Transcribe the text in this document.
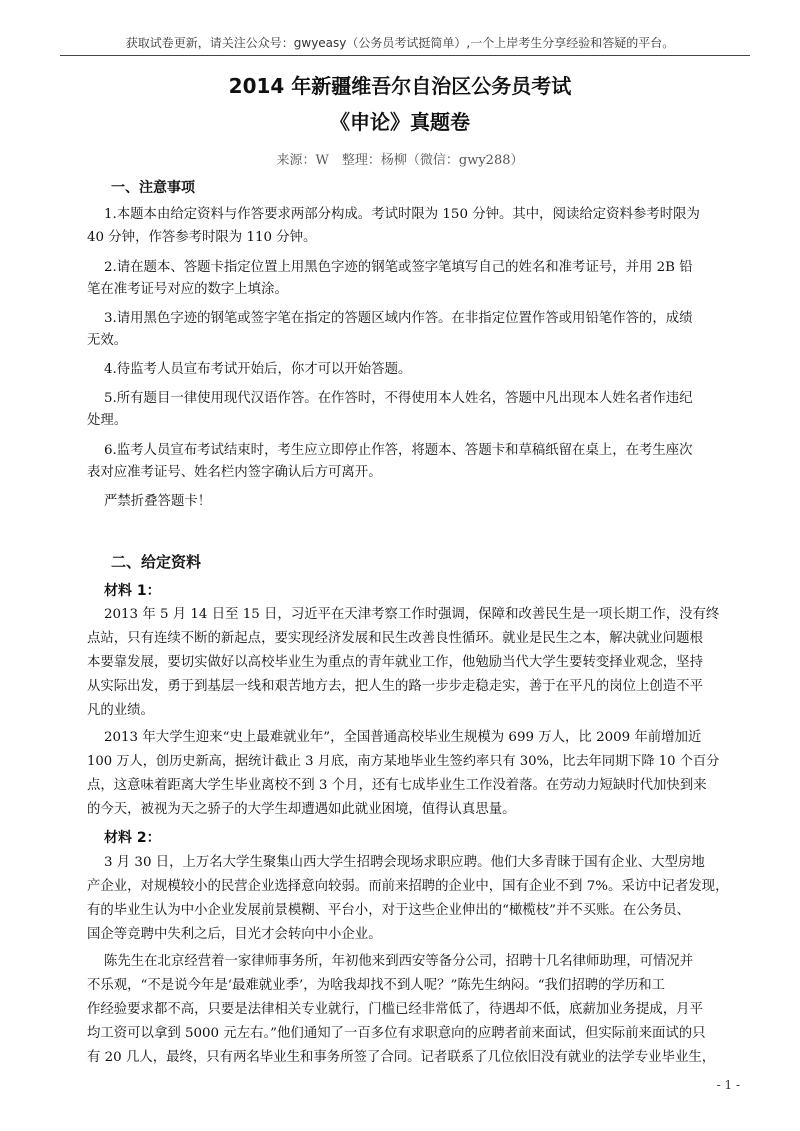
获取试卷更新，请关注公众号：gwyeasy（公务员考试挺简单）,一个上岸考生分享经验和答疑的平台。
2014 年新疆维吾尔自治区公务员考试
《申论》真题卷
来源：W　整理：杨柳（微信：gwy288）
一、注意事项
1.本题本由给定资料与作答要求两部分构成。考试时限为 150 分钟。其中，阅读给定资料参考时限为
40 分钟，作答参考时限为 110 分钟。
2.请在题本、答题卡指定位置上用黑色字迹的钢笔或签字笔填写自己的姓名和准考证号，并用 2B 铅
笔在准考证号对应的数字上填涂。
3.请用黑色字迹的钢笔或签字笔在指定的答题区域内作答。在非指定位置作答或用铅笔作答的，成绩
无效。
4.待监考人员宣布考试开始后，你才可以开始答题。
5.所有题目一律使用现代汉语作答。在作答时，不得使用本人姓名，答题中凡出现本人姓名者作违纪
处理。
6.监考人员宣布考试结束时，考生应立即停止作答，将题本、答题卡和草稿纸留在桌上，在考生座次
表对应准考证号、姓名栏内签字确认后方可离开。
严禁折叠答题卡！
二、给定资料
材料 1：
2013 年 5 月 14 日至 15 日，习近平在天津考察工作时强调，保障和改善民生是一项长期工作，没有终
点站，只有连续不断的新起点，要实现经济发展和民生改善良性循环。就业是民生之本，解决就业问题根
本要靠发展，要切实做好以高校毕业生为重点的青年就业工作，他勉励当代大学生要转变择业观念，坚持
从实际出发，勇于到基层一线和艰苦地方去，把人生的路一步步走稳走实，善于在平凡的岗位上创造不平
凡的业绩。
2013 年大学生迎来“史上最难就业年”，全国普通高校毕业生规模为 699 万人，比 2009 年前增加近
100 万人，创历史新高，据统计截止 3 月底，南方某地毕业生签约率只有 30%，比去年同期下降 10 个百分
点，这意味着距离大学生毕业离校不到 3 个月，还有七成毕业生工作没着落。在劳动力短缺时代加快到来
的今天，被视为天之骄子的大学生却遭遇如此就业困境，值得认真思量。
材料 2：
3 月 30 日，上万名大学生聚集山西大学生招聘会现场求职应聘。他们大多青睐于国有企业、大型房地
产企业，对规模较小的民营企业选择意向较弱。而前来招聘的企业中，国有企业不到 7%。采访中记者发现，
有的毕业生认为中小企业发展前景模糊、平台小，对于这些企业伸出的“橄榄枝”并不买账。在公务员、
国企等竞聘中失利之后，目光才会转向中小企业。
陈先生在北京经营着一家律师事务所，年初他来到西安等备分公司，招聘十几名律师助理，可情况并
不乐观，“不是说今年是‘最难就业季’，为啥我却找不到人呢？”陈先生纳闷。“我们招聘的学历和工
作经验要求都不高，只要是法律相关专业就行，门槛已经非常低了，待遇却不低，底薪加业务提成，月平
均工资可以拿到 5000 元左右。”他们通知了一百多位有求职意向的应聘者前来面试，但实际前来面试的只
有 20 几人，最终，只有两名毕业生和事务所签了合同。记者联系了几位依旧没有就业的法学专业毕业生，
- 1 -
